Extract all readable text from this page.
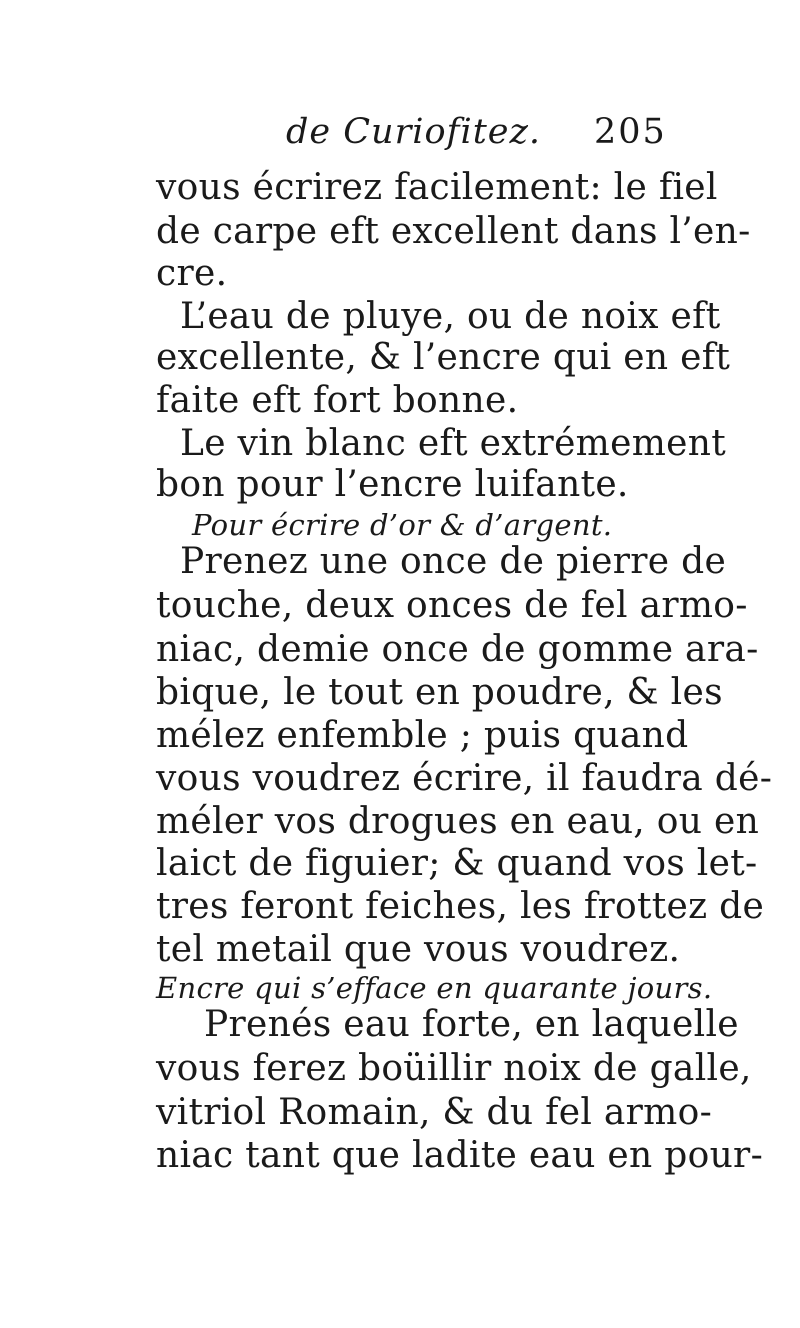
de Curiofitez. 205
vous écrirez facilement: le fiel
de carpe eft excellent dans l’en-
cre.
L’eau de pluye, ou de noix eft
excellente, & l’encre qui en eft
faite eft fort bonne.
Le vin blanc eft extrémement
bon pour l’encre luifante.
Pour écrire d’or & d’argent.
Prenez une once de pierre de
touche, deux onces de fel armo-
niac, demie once de gomme ara-
bique, le tout en poudre, & les
mélez enfemble ; puis quand
vous voudrez écrire, il faudra dé-
méler vos drogues en eau, ou en
laict de figuier; & quand vos let-
tres feront feiches, les frottez de
tel metail que vous voudrez.
Encre qui s’efface en quarante jours.
Prenés eau forte, en laquelle
vous ferez boüillir noix de galle,
vitriol Romain, & du fel armo-
niac tant que ladite eau en pour-
